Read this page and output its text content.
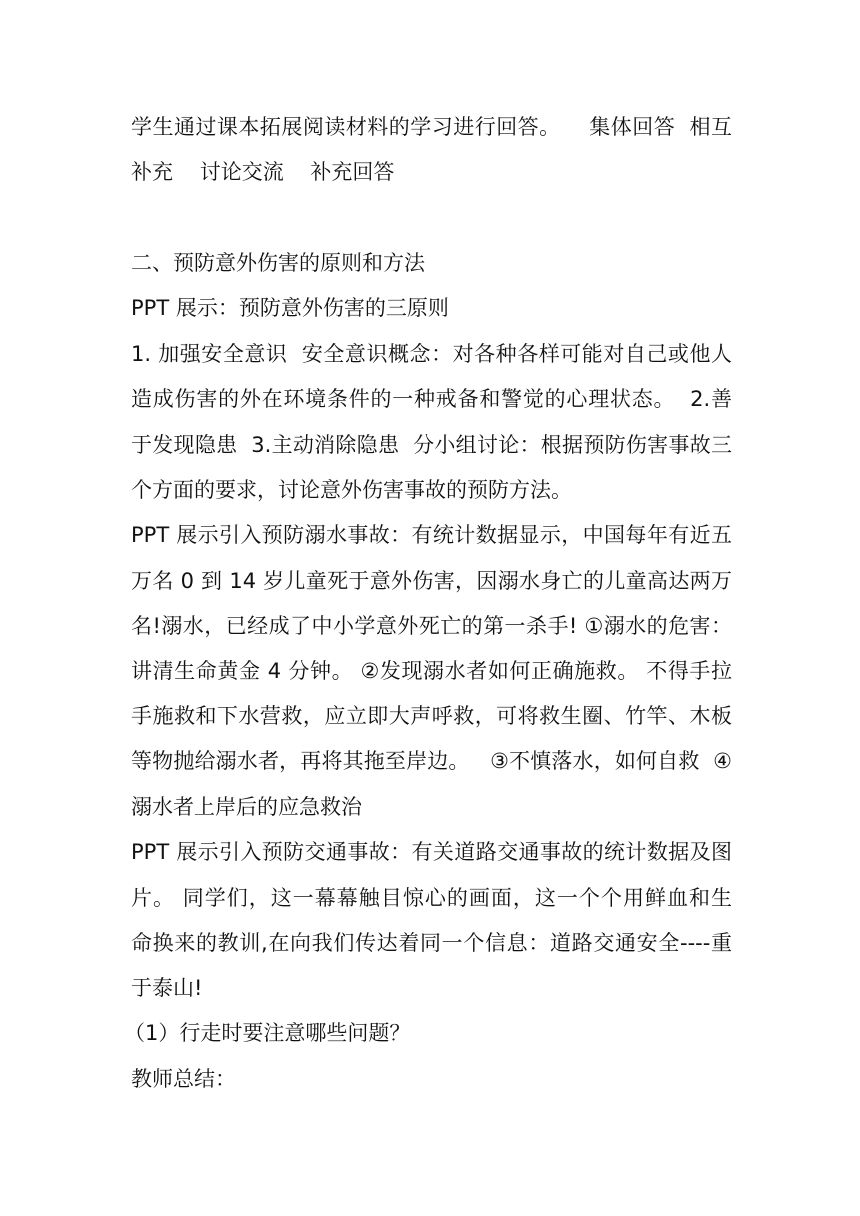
学生通过课本拓展阅读材料的学习进行回答。    集体回答  相互

补充    讨论交流    补充回答

二、预防意外伤害的原则和方法

PPT 展示：预防意外伤害的三原则

1. 加强安全意识  安全意识概念：对各种各样可能对自己或他人

造成伤害的外在环境条件的一种戒备和警觉的心理状态。  2.善

于发现隐患  3.主动消除隐患  分小组讨论：根据预防伤害事故三

个方面的要求，讨论意外伤害事故的预防方法。

PPT 展示引入预防溺水事故：有统计数据显示，中国每年有近五

万名 0 到 14 岁儿童死于意外伤害，因溺水身亡的儿童高达两万

名!溺水，已经成了中小学意外死亡的第一杀手! ①溺水的危害：

讲清生命黄金 4 分钟。 ②发现溺水者如何正确施救。 不得手拉

手施救和下水营救，应立即大声呼救，可将救生圈、竹竿、木板

等物抛给溺水者，再将其拖至岸边。   ③不慎落水，如何自救  ④

溺水者上岸后的应急救治

PPT 展示引入预防交通事故：有关道路交通事故的统计数据及图

片。 同学们，这一幕幕触目惊心的画面，这一个个用鲜血和生

命换来的教训,在向我们传达着同一个信息：道路交通安全----重

于泰山!

（1）行走时要注意哪些问题？

教师总结：
